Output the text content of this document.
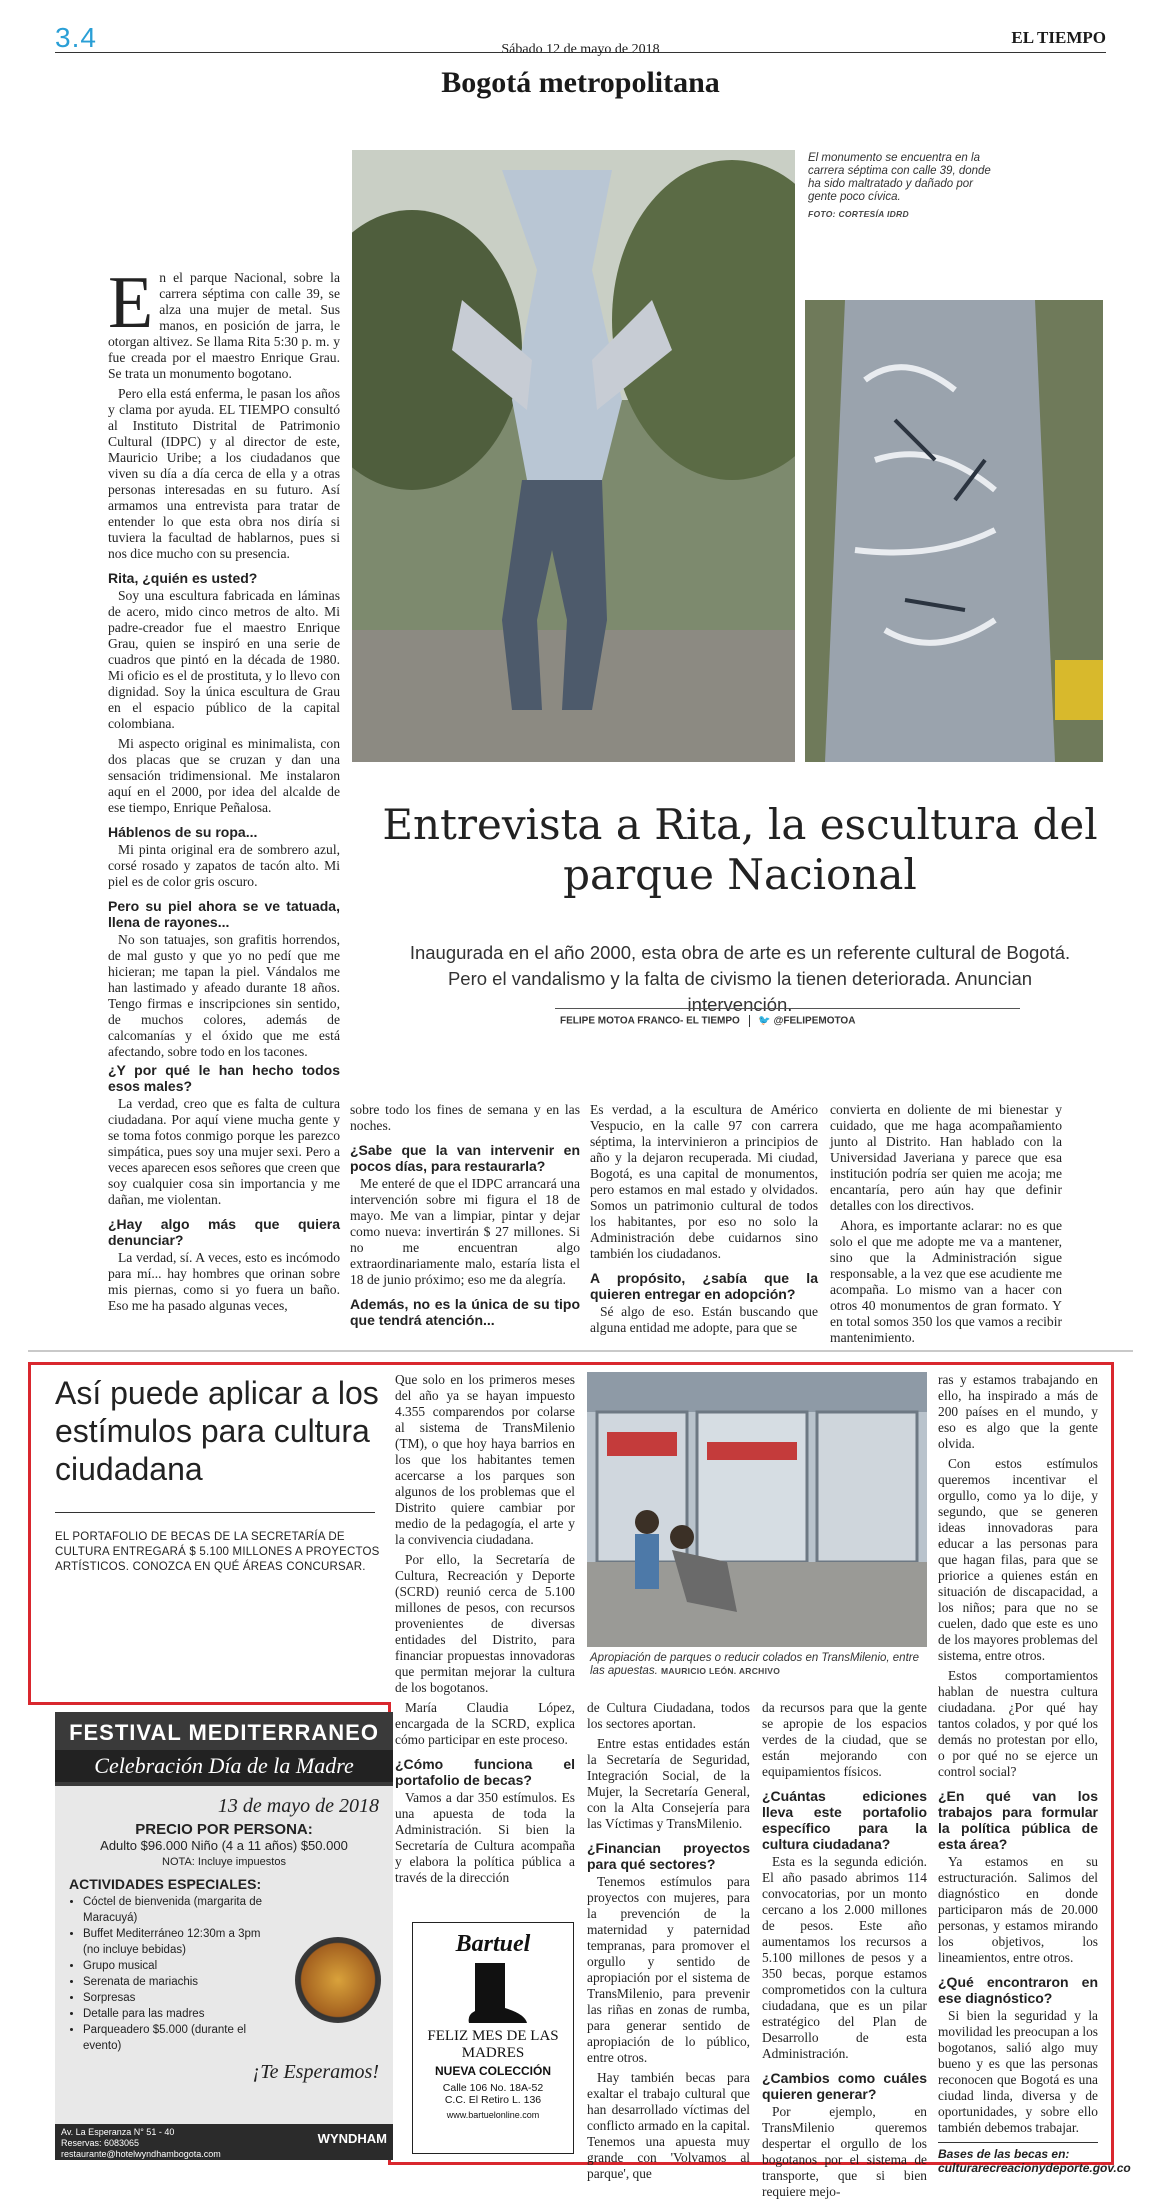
3.4	Sábado 12 de mayo de 2018
EL TIEMPO
Bogotá metropolitana
El monumento se encuentra en la carrera séptima con calle 39, donde ha sido maltratado y dañado por gente poco cívica.
FOTO: CORTESÍA IDRD
Entrevista a Rita, la escultura del parque Nacional
Inaugurada en el año 2000, esta obra de arte es un referente cultural de Bogotá. Pero el vandalismo y la falta de civismo la tienen deteriorada. Anuncian intervención.
FELIPE MOTOA FRANCO- EL TIEMPO 🐦 @FELIPEMOTOA

En el parque Nacional, sobre la carrera séptima con calle 39, se alza una mujer de metal. Sus manos, en posición de jarra, le otorgan altivez. Se llama Rita 5:30 p. m. y fue creada por el maestro Enrique Grau. Se trata un monumento bogotano.

Pero ella está enferma, le pasan los años y clama por ayuda. EL TIEMPO consultó al Instituto Distrital de Patrimonio Cultural (IDPC) y al director de este, Mauricio Uribe; a los ciudadanos que viven su día a día cerca de ella y a otras personas interesadas en su futuro. Así armamos una entrevista para tratar de entender lo que esta obra nos diría si tuviera la facultad de hablarnos, pues si nos dice mucho con su presencia.

Rita, ¿quién es usted?

Soy una escultura fabricada en láminas de acero, mido cinco metros de alto. Mi padre-creador fue el maestro Enrique Grau, quien se inspiró en una serie de cuadros que pintó en la década de 1980. Mi oficio es el de prostituta, y lo llevo con dignidad. Soy la única escultura de Grau en el espacio público de la capital colombiana.

Mi aspecto original es minimalista, con dos placas que se cruzan y dan una sensación tridimensional. Me instalaron aquí en el 2000, por idea del alcalde de ese tiempo, Enrique Peñalosa.

Háblenos de su ropa...

Mi pinta original era de sombrero azul, corsé rosado y zapatos de tacón alto. Mi piel es de color gris oscuro.

Pero su piel ahora se ve tatuada, llena de rayones...

No son tatuajes, son grafitis horrendos, de mal gusto y que yo no pedí que me hicieran; me tapan la piel. Vándalos me han lastimado y afeado durante 18 años. Tengo firmas e inscripciones sin sentido, de muchos colores, además de calcomanías y el óxido que me está afectando, sobre todo en los tacones.

¿Y por qué le han hecho todos esos males?

La verdad, creo que es falta de cultura ciudadana. Por aquí viene mucha gente y se toma fotos conmigo porque les parezco simpática, pues soy una mujer sexi. Pero a veces aparecen esos señores que creen que soy cualquier cosa sin importancia y me dañan, me violentan.

¿Hay algo más que quiera denunciar?

La verdad, sí. A veces, esto es incómodo para mí... hay hombres que orinan sobre mis piernas, como si yo fuera un baño. Eso me ha pasado algunas veces,

sobre todo los fines de semana y en las noches.

¿Sabe que la van intervenir en pocos días, para restaurarla?

Me enteré de que el IDPC arrancará una intervención sobre mi figura el 18 de mayo. Me van a limpiar, pintar y dejar como nueva: invertirán $ 27 millones. Si no me encuentran algo extraordinariamente malo, estaría lista el 18 de junio próximo; eso me da alegría.

Además, no es la única de su tipo que tendrá atención...

Es verdad, a la escultura de Américo Vespucio, en la calle 97 con carrera séptima, la intervinieron a principios de año y la dejaron recuperada. Mi ciudad, Bogotá, es una capital de monumentos, pero estamos en mal estado y olvidados. Somos un patrimonio cultural de todos los habitantes, por eso no solo la Administración debe cuidarnos sino también los ciudadanos.

A propósito, ¿sabía que la quieren entregar en adopción?

Sé algo de eso. Están buscando que alguna entidad me adopte, para que se

convierta en doliente de mi bienestar y cuidado, que me haga acompañamiento junto al Distrito. Han hablado con la Universidad Javeriana y parece que esa institución podría ser quien me acoja; me encantaría, pero aún hay que definir detalles con los directivos.

Ahora, es importante aclarar: no es que solo el que me adopte me va a mantener, sino que la Administración sigue responsable, a la vez que ese acudiente me acompaña. Lo mismo van a hacer con otros 40 monumentos de gran formato. Y en total somos 350 los que vamos a recibir mantenimiento.

Así puede aplicar a los estímulos para cultura ciudadana
EL PORTAFOLIO DE BECAS DE LA SECRETARÍA DE CULTURA ENTREGARÁ $ 5.100 MILLONES A PROYECTOS ARTÍSTICOS. CONOZCA EN QUÉ ÁREAS CONCURSAR.

Que solo en los primeros meses del año ya se hayan impuesto 4.355 comparendos por colarse al sistema de TransMilenio (TM), o que hoy haya barrios en los que los habitantes temen acercarse a los parques son algunos de los problemas que el Distrito quiere cambiar por medio de la pedagogía, el arte y la convivencia ciudadana.

Por ello, la Secretaría de Cultura, Recreación y Deporte (SCRD) reunió cerca de 5.100 millones de pesos, con recursos provenientes de diversas entidades del Distrito, para financiar propuestas innovadoras que permitan mejorar la cultura de los bogotanos.

María Claudia López, encargada de la SCRD, explica cómo participar en este proceso.

¿Cómo funciona el portafolio de becas?

Vamos a dar 350 estímulos. Es una apuesta de toda la Administración. Si bien la Secretaría de Cultura acompaña y elabora la política pública a través de la dirección

Apropiación de parques o reducir colados en TransMilenio, entre las apuestas. MAURICIO LEÓN. ARCHIVO

de Cultura Ciudadana, todos los sectores aportan.

Entre estas entidades están la Secretaría de Seguridad, Integración Social, de la Mujer, la Secretaría General, con la Alta Consejería para las Víctimas y TransMilenio.

¿Financian proyectos para qué sectores?

Tenemos estímulos para proyectos con mujeres, para la prevención de la maternidad y paternidad tempranas, para promover el orgullo y sentido de apropiación por el sistema de TransMilenio, para prevenir las riñas en zonas de rumba, para generar sentido de apropiación de lo público, entre otros.

Hay también becas para exaltar el trabajo cultural que han desarrollado víctimas del conflicto armado en la capital. Tenemos una apuesta muy grande con 'Volvamos al parque', que

da recursos para que la gente se apropie de los espacios verdes de la ciudad, que se están mejorando con equipamientos físicos.

¿Cuántas ediciones lleva este portafolio específico para la cultura ciudadana?

Esta es la segunda edición. El año pasado abrimos 114 convocatorias, por un monto cercano a los 2.000 millones de pesos. Este año aumentamos los recursos a 5.100 millones de pesos y a 350 becas, porque estamos comprometidos con la cultura ciudadana, que es un pilar estratégico del Plan de Desarrollo de esta Administración.

¿Cambios como cuáles quieren generar?

Por ejemplo, en TransMilenio queremos despertar el orgullo de los bogotanos por el sistema de transporte, que si bien requiere mejo-

ras y estamos trabajando en ello, ha inspirado a más de 200 países en el mundo, y eso es algo que la gente olvida.

Con estos estímulos queremos incentivar el orgullo, como ya lo dije, y segundo, que se generen ideas innovadoras para educar a las personas para que hagan filas, para que se priorice a quienes están en situación de discapacidad, a los niños; para que no se cuelen, dado que este es uno de los mayores problemas del sistema, entre otros.

Estos comportamientos hablan de nuestra cultura ciudadana. ¿Por qué hay tantos colados, y por qué los demás no protestan por ello, o por qué no se ejerce un control social?

¿En qué van los trabajos para formular la política pública de esta área?

Ya estamos en su estructuración. Salimos del diagnóstico en donde participaron más de 20.000 personas, y estamos mirando los objetivos, los lineamientos, entre otros.

¿Qué encontraron en ese diagnóstico?

Si bien la seguridad y la movilidad les preocupan a los bogotanos, salió algo muy bueno y es que las personas reconocen que Bogotá es una ciudad linda, diversa y de oportunidades, y sobre ello también debemos trabajar.

Bases de las becas en:
culturarecreacionydeporte.gov.co
FESTIVAL MEDITERRANEO
Celebración Día de la Madre
13 de mayo de 2018
PRECIO POR PERSONA:
Adulto $96.000 Niño (4 a 11 años) $50.000
NOTA: Incluye impuestos
ACTIVIDADES ESPECIALES:
• Cóctel de bienvenida (margarita de Maracuyá)
• Buffet Mediterráneo 12:30m a 3pm (no incluye bebidas)
• Grupo musical
• Serenata de mariachis
• Sorpresas
• Detalle para las madres
• Parqueadero $5.000 (durante el evento)
¡Te Esperamos!
WYNDHAM
Av. La Esperanza N° 51 - 40
Reservas: 6083065
restaurante@hotelwyndhambogota.com
Bartuel
FELIZ MES DE LAS MADRES
NUEVA COLECCIÓN
Calle 106 No. 18A-52
C.C. El Retiro L. 136
www.bartuelonline.com
